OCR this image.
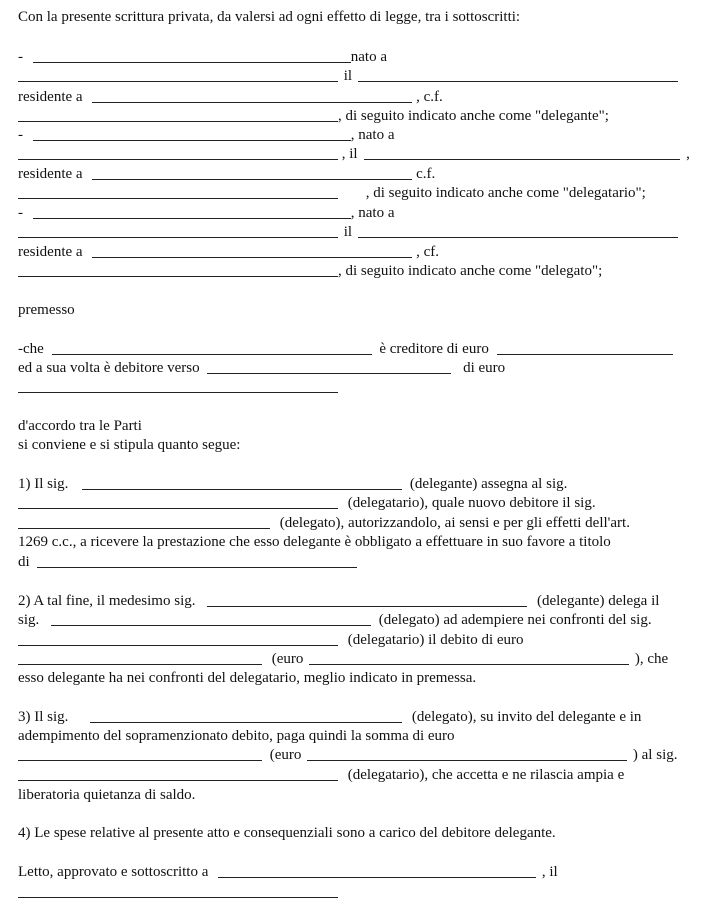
Con la presente scrittura privata, da valersi ad ogni effetto di legge, tra i sottoscritti:
-	nato a
il
residente a	, c.f.
, di seguito indicato anche come "delegante";
-	, nato a
, il	,
residente a	c.f.
, di seguito indicato anche come "delegatario";
-	, nato a
il
residente a	, cf.
, di seguito indicato anche come "delegato";
premesso
-che	è creditore di euro
ed a sua volta è debitore verso	di euro
d'accordo tra le Parti
si conviene e si stipula quanto segue:
1) Il sig.	(delegante) assegna al sig.
(delegatario), quale nuovo debitore il sig.
(delegato), autorizzandolo, ai sensi e per gli effetti dell'art.
1269 c.c., a ricevere la prestazione che esso delegante è obbligato a effettuare in suo favore a titolo
di
2) A tal fine, il medesimo sig.	(delegante) delega il
sig.	(delegato) ad adempiere nei confronti del sig.
(delegatario) il debito di euro
(euro	), che
esso delegante ha nei confronti del delegatario, meglio indicato in premessa.
3) Il sig.	(delegato), su invito del delegante e in
adempimento del sopramenzionato debito, paga quindi la somma di euro
(euro	) al sig.
(delegatario), che accetta e ne rilascia ampia e
liberatoria quietanza di saldo.
4) Le spese relative al presente atto e consequenziali sono a carico del debitore delegante.
Letto, approvato e sottoscritto a	, il
